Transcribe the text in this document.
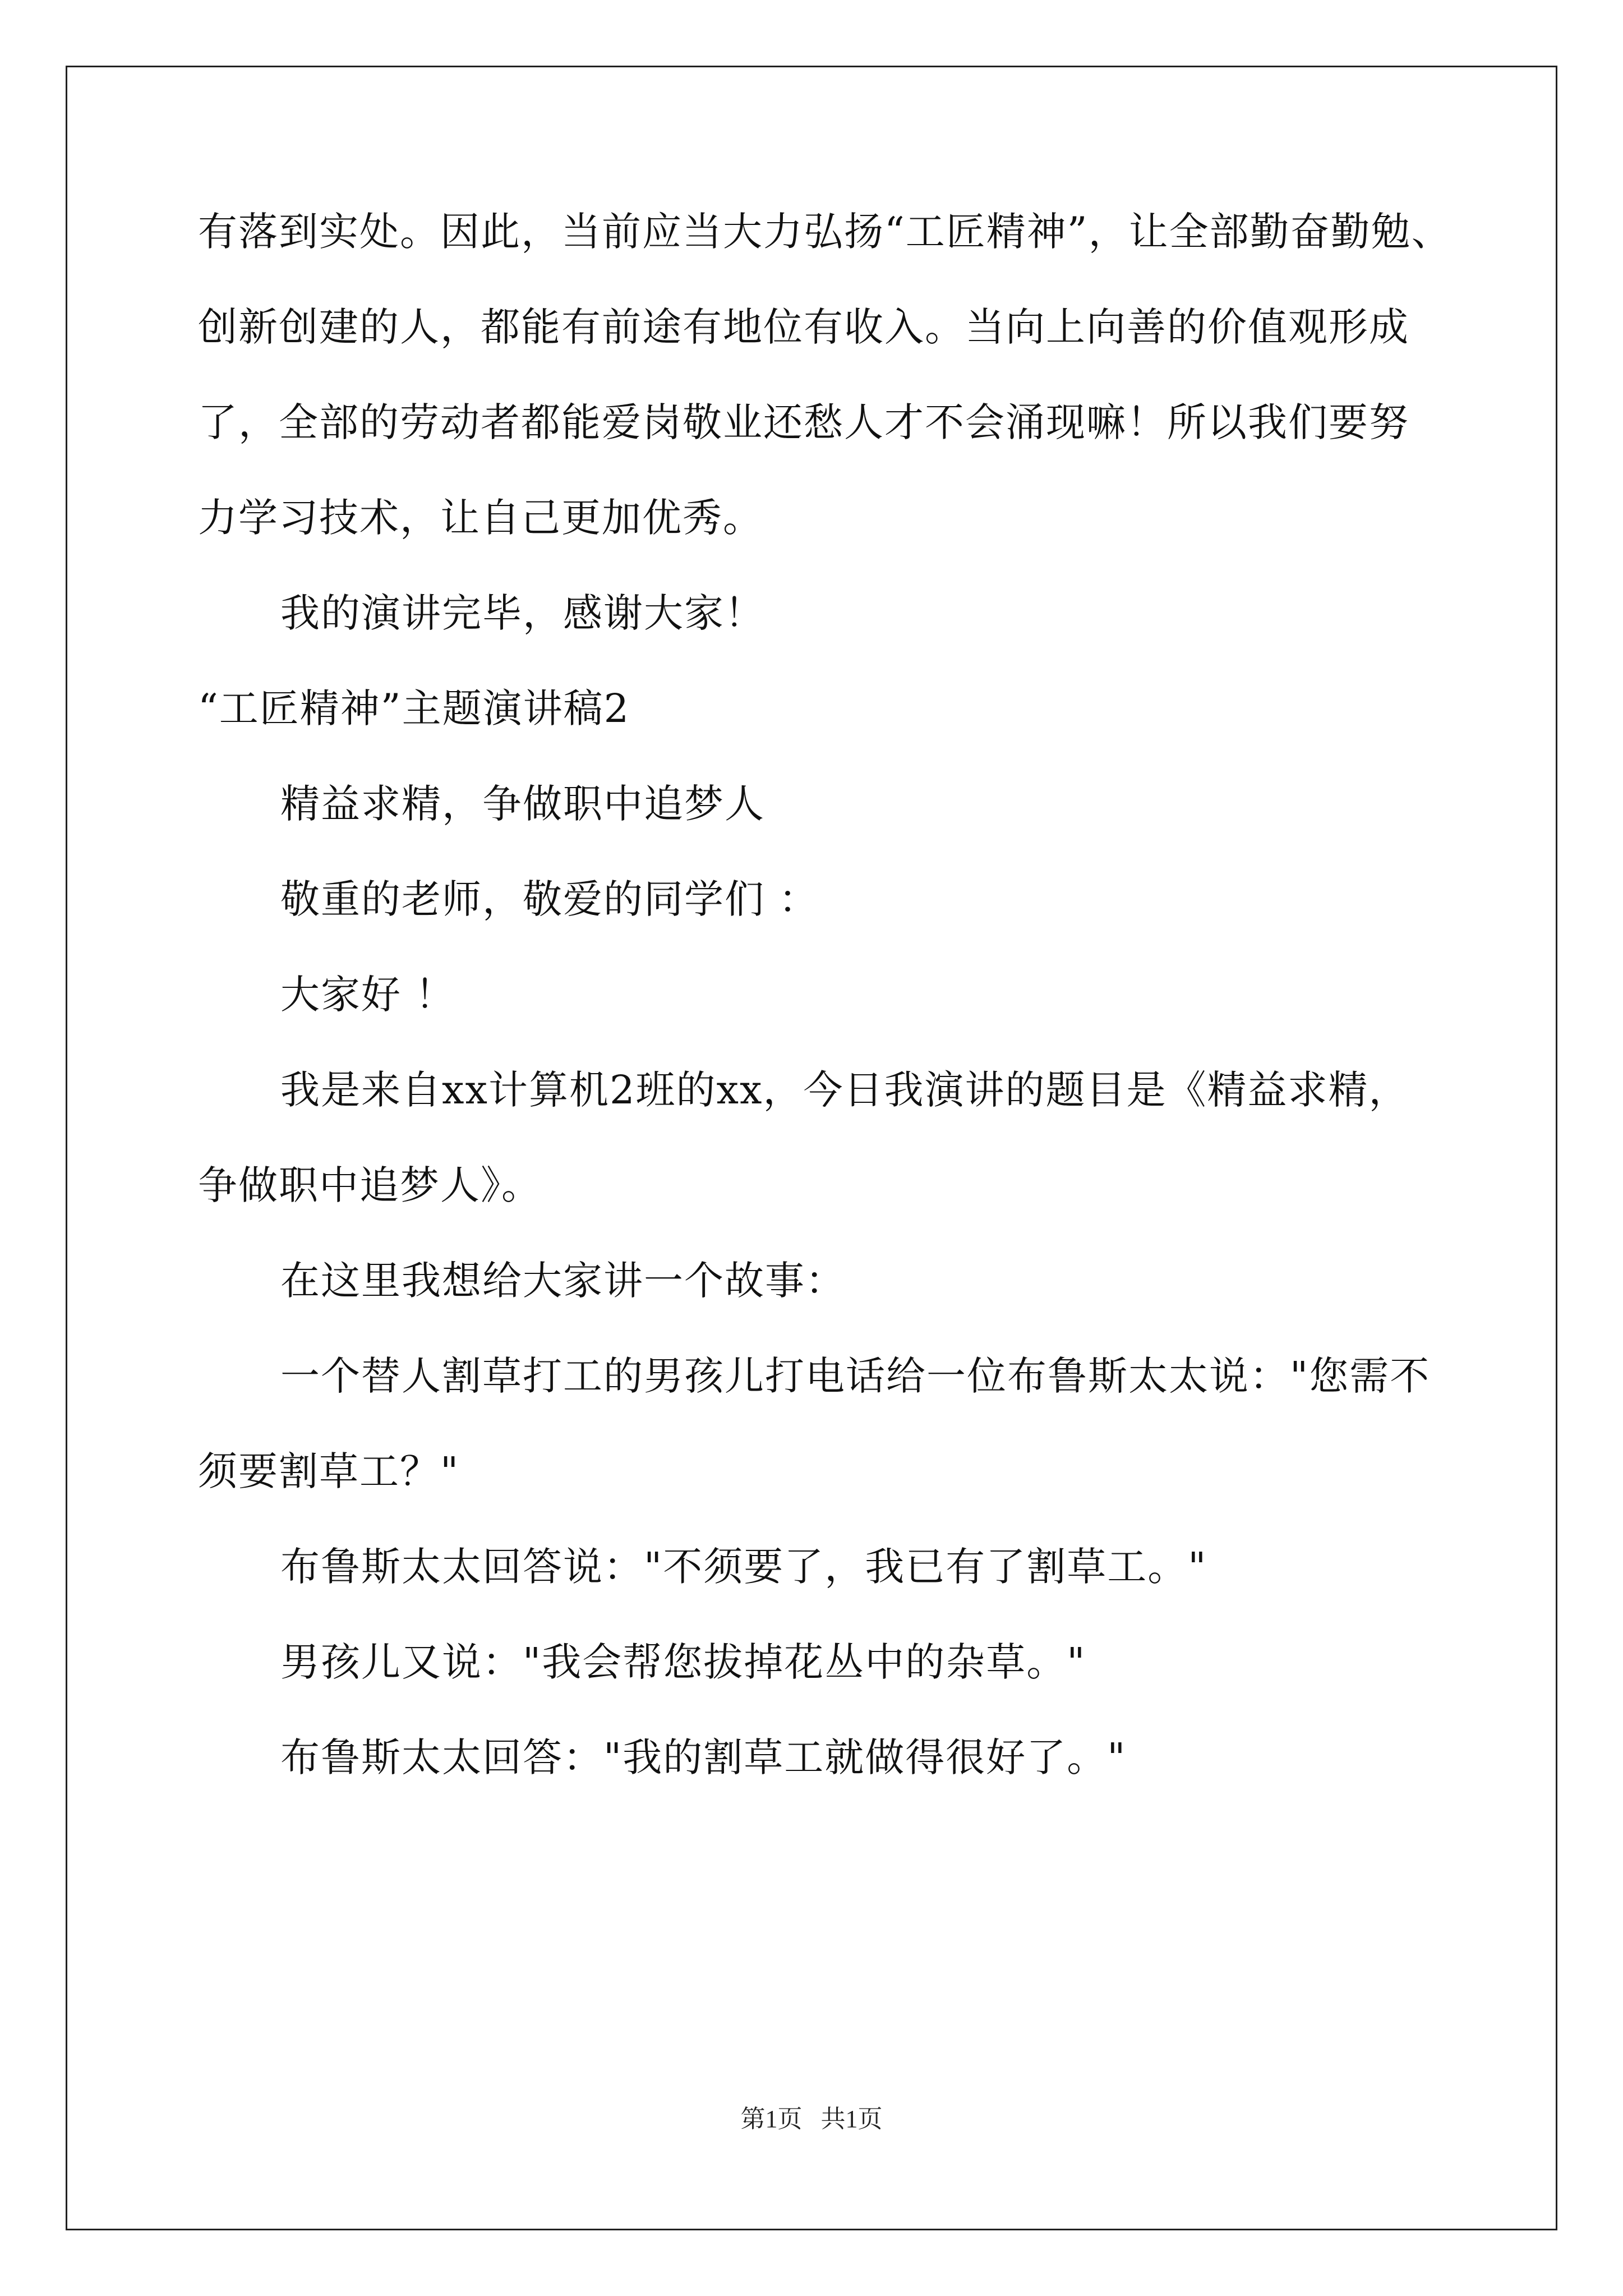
有落到实处。因此，当前应当大力弘扬“工匠精神”，让全部勤奋勤勉、
创新创建的人，都能有前途有地位有收入。当向上向善的价值观形成
了，全部的劳动者都能爱岗敬业还愁人才不会涌现嘛！所以我们要努
力学习技术，让自己更加优秀。
我的演讲完毕，感谢大家！
“工匠精神”主题演讲稿2
精益求精，争做职中追梦人
敬重的老师，敬爱的同学们 ：
大家好 ！
我是来自xx计算机2班的xx，今日我演讲的题目是《精益求精，
争做职中追梦人》。
在这里我想给大家讲一个故事：
一个替人割草打工的男孩儿打电话给一位布鲁斯太太说："您需不
须要割草工？"
布鲁斯太太回答说："不须要了，我已有了割草工。"
男孩儿又说："我会帮您拔掉花丛中的杂草。"
布鲁斯太太回答："我的割草工就做得很好了。"
第1页   共1页
